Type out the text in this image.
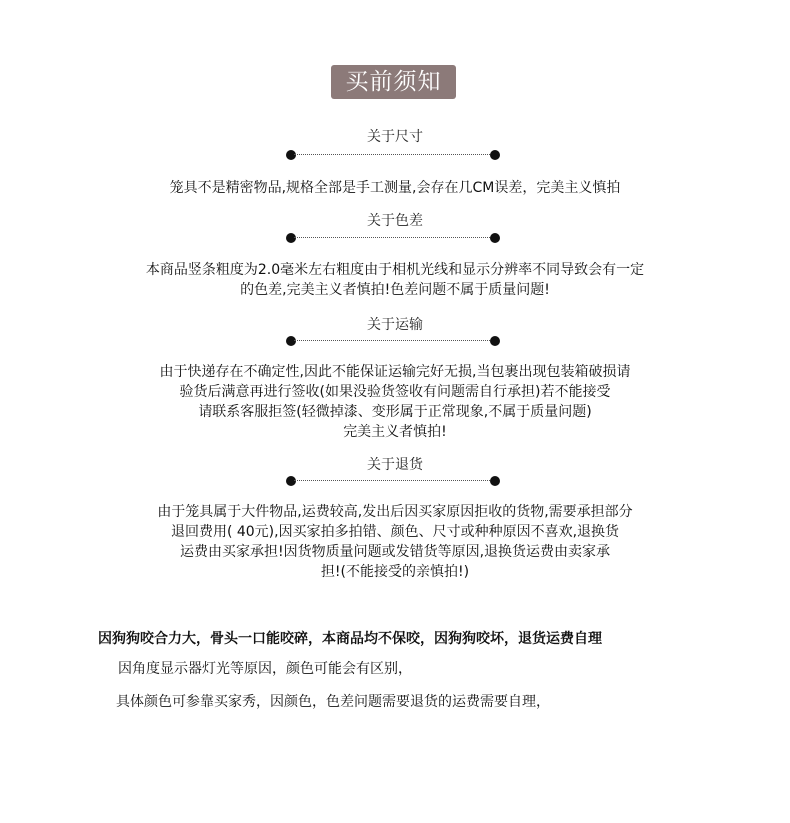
买前须知
关于尺寸
笼具不是精密物品,规格全部是手工测量,会存在几CM误差，完美主义慎拍
关于色差
本商品竖条粗度为2.0毫米左右粗度由于相机光线和显示分辨率不同导致会有一定
的色差,完美主义者慎拍!色差问题不属于质量问题!
关于运输
由于快递存在不确定性,因此不能保证运输完好无损,当包裹出现包装箱破损请
验货后满意再进行签收(如果没验货签收有问题需自行承担)若不能接受
请联系客服拒签(轻微掉漆、变形属于正常现象,不属于质量问题)
完美主义者慎拍!
关于退货
由于笼具属于大件物品,运费较高,发出后因买家原因拒收的货物,需要承担部分
退回费用( 40元),因买家拍多拍错、颜色、尺寸或种种原因不喜欢,退换货
运费由买家承担!因货物质量问题或发错货等原因,退换货运费由卖家承
担!(不能接受的亲慎拍!)
因狗狗咬合力大，骨头一口能咬碎，本商品均不保咬，因狗狗咬坏，退货运费自理
因角度显示器灯光等原因，颜色可能会有区别，
具体颜色可参靠买家秀，因颜色，色差问题需要退货的运费需要自理，
